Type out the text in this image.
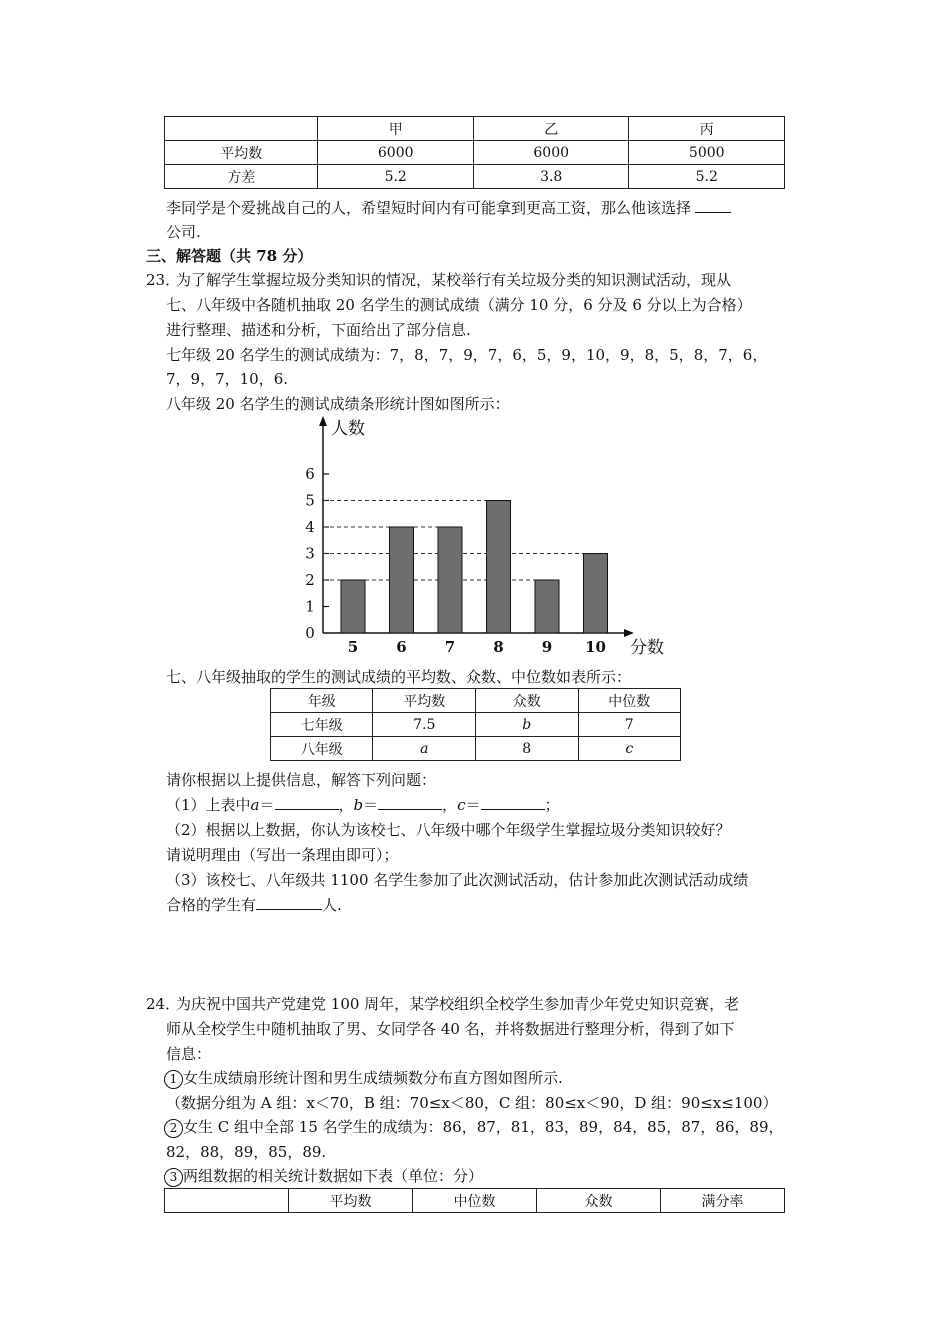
	甲	乙	丙
平均数	6000	6000	5000
方差	5.2	3.8	5.2
李同学是个爱挑战自己的人，希望短时间内有可能拿到更高工资，那么他该选择
公司.
三、解答题（共 78 分）
23．
为了解学生掌握垃圾分类知识的情况，某校举行有关垃圾分类的知识测试活动，现从
七、八年级中各随机抽取 20 名学生的测试成绩（满分 10 分，6 分及 6 分以上为合格）
进行整理、描述和分析，下面给出了部分信息.
七年级 20 名学生的测试成绩为：7，8，7，9，7，6，5，9，10，9，8，5，8，7，6，
7，9，7，10，6.
八年级 20 名学生的测试成绩条形统计图如图所示：
0
1
2
3
4
5
6
5	6	7	8	9 10
人数
分数
七、八年级抽取的学生的测试成绩的平均数、众数、中位数如表所示：
年级	平均数	众数	中位数
七年级	7.5	b	7
八年级	a	8	c
请你根据以上提供信息，解答下列问题：
（1）上表中a＝	，b＝	，c＝	；
（2）根据以上数据，你认为该校七、八年级中哪个年级学生掌握垃圾分类知识较好？
请说明理由（写出一条理由即可）；
（3）该校七、八年级共 1100 名学生参加了此次测试活动，估计参加此次测试活动成绩
合格的学生有	人.
24．
为庆祝中国共产党建党 100 周年，某学校组织全校学生参加青少年党史知识竞赛，老
师从全校学生中随机抽取了男、女同学各 40 名，并将数据进行整理分析，得到了如下
信息：
1 女生成绩扇形统计图和男生成绩频数分布直方图如图所示.
（数据分组为 A 组：x＜70，B 组：70≤x＜80，C 组：80≤x＜90，D 组：90≤x≤100）
2 女生 C 组中全部 15 名学生的成绩为：86，87，81，83，89，84，85，87，86，89，
82，88，89，85，89.
3 两组数据的相关统计数据如下表（单位：分）
	平均数	中位数	众数	满分率
